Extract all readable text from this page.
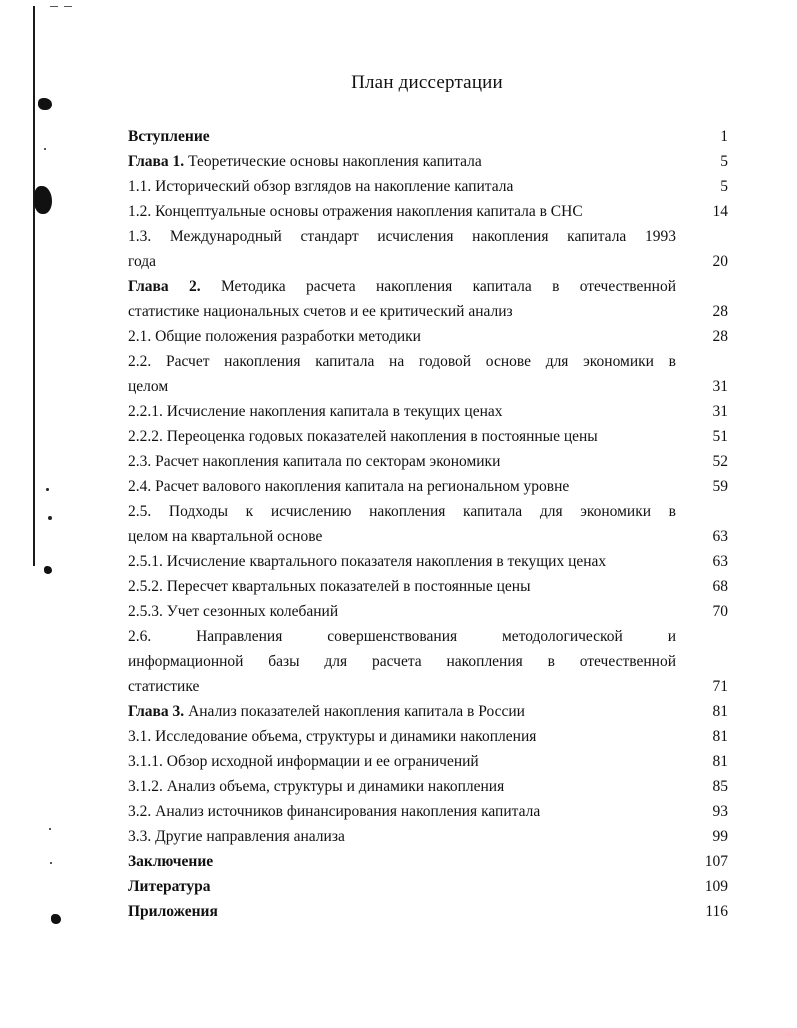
План диссертации
Вступление	1
Глава 1. Теоретические основы накопления капитала	5
1.1. Исторический обзор взглядов на накопление капитала	5
1.2. Концептуальные основы отражения накопления капитала в СНС	14
1.3. Международный стандарт исчисления накопления капитала 1993
года	20
Глава 2. Методика расчета накопления капитала в отечественной
статистике национальных счетов и ее критический анализ	28
2.1. Общие положения разработки методики	28
2.2. Расчет накопления капитала на годовой основе для экономики в
целом	31
2.2.1. Исчисление накопления капитала в текущих ценах	31
2.2.2. Переоценка годовых показателей накопления в постоянные цены	51
2.3. Расчет накопления капитала по секторам экономики	52
2.4. Расчет валового накопления капитала на региональном уровне	59
2.5. Подходы к исчислению накопления капитала для экономики в
целом на квартальной основе	63
2.5.1. Исчисление квартального показателя накопления в текущих ценах	63
2.5.2. Пересчет квартальных показателей в постоянные цены	68
2.5.3. Учет сезонных колебаний	70
2.6. Направления совершенствования методологической и
информационной базы для расчета накопления в отечественной
статистике	71
Глава 3. Анализ показателей накопления капитала в России	81
3.1. Исследование объема, структуры и динамики накопления	81
3.1.1. Обзор исходной информации и ее ограничений	81
3.1.2. Анализ объема, структуры и динамики накопления	85
3.2. Анализ источников финансирования накопления капитала	93
3.3. Другие направления анализа	99
Заключение	107
Литература	109
Приложения	116
